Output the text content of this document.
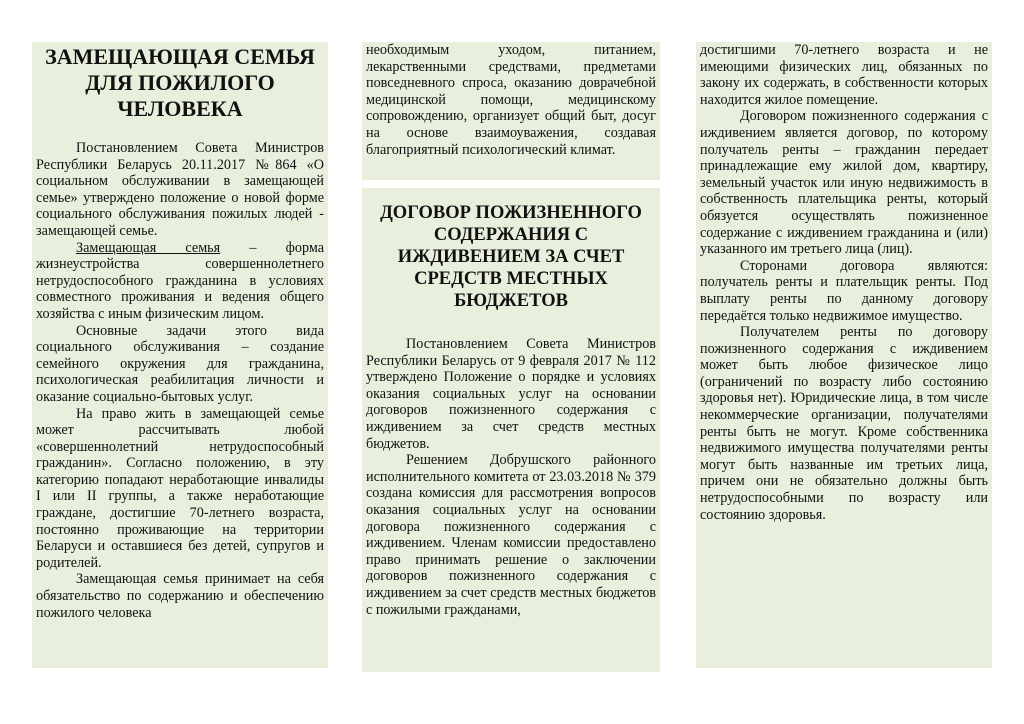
ЗАМЕЩАЮЩАЯ СЕМЬЯ ДЛЯ ПОЖИЛОГО ЧЕЛОВЕКА

Постановлением Совета Министров Республики Беларусь 20.11.2017 №864 «О социальном обслуживании в замещающей семье» утверждено положение о новой форме социального обслуживания пожилых людей - замещающей семье.

Замещающая семья – форма жизнеустройства совершеннолетнего нетрудоспособного гражданина в условиях совместного проживания и ведения общего хозяйства с иным физическим лицом.

Основные задачи этого вида социального обслуживания – создание семейного окружения для гражданина, психологическая реабилитация личности и оказание социально-бытовых услуг.

На право жить в замещающей семье может рассчитывать любой «совершеннолетний нетрудоспособный гражданин». Согласно положению, в эту категорию попадают неработающие инвалиды I или II группы, а также неработающие граждане, достигшие 70-летнего возраста, постоянно проживающие на территории Беларуси и оставшиеся без детей, супругов и родителей.

Замещающая семья принимает на себя обязательство по содержанию и обеспечению пожилого человека

необходимым уходом, питанием, лекарственными средствами, предметами повседневного спроса, оказанию доврачебной медицинской помощи, медицинскому сопровождению, организует общий быт, досуг на основе взаимоуважения, создавая благоприятный психологический климат.

ДОГОВОР ПОЖИЗНЕННОГО СОДЕРЖАНИЯ С ИЖДИВЕНИЕМ ЗА СЧЕТ СРЕДСТВ МЕСТНЫХ БЮДЖЕТОВ

Постановлением Совета Министров Республики Беларусь от 9 февраля 2017 № 112 утверждено Положение о порядке и условиях оказания социальных услуг на основании договоров пожизненного содержания с иждивением за счет средств местных бюджетов.

Решением Добрушского районного исполнительного комитета от 23.03.2018 № 379 создана комиссия для рассмотрения вопросов оказания социальных услуг на основании договора пожизненного содержания с иждивением. Членам комиссии предоставлено право принимать решение о заключении договоров пожизненного содержания с иждивением за счет средств местных бюджетов с пожилыми гражданами,

достигшими 70-летнего возраста и не имеющими физических лиц, обязанных по закону их содержать, в собственности которых находится жилое помещение.

Договором пожизненного содержания с иждивением является договор, по которому получатель ренты – гражданин передает принадлежащие ему жилой дом, квартиру, земельный участок или иную недвижимость в собственность плательщика ренты, который обязуется осуществлять пожизненное содержание с иждивением гражданина и (или) указанного им третьего лица (лиц).

Сторонами договора являются: получатель ренты и плательщик ренты. Под выплату ренты по данному договору передаётся только недвижимое имущество.

Получателем ренты по договору пожизненного содержания с иждивением может быть любое физическое лицо (ограничений по возрасту либо состоянию здоровья нет). Юридические лица, в том числе некоммерческие организации, получателями ренты быть не могут. Кроме собственника недвижимого имущества получателями ренты могут быть названные им третьих лица, причем они не обязательно должны быть нетрудоспособными по возрасту или состоянию здоровья.
